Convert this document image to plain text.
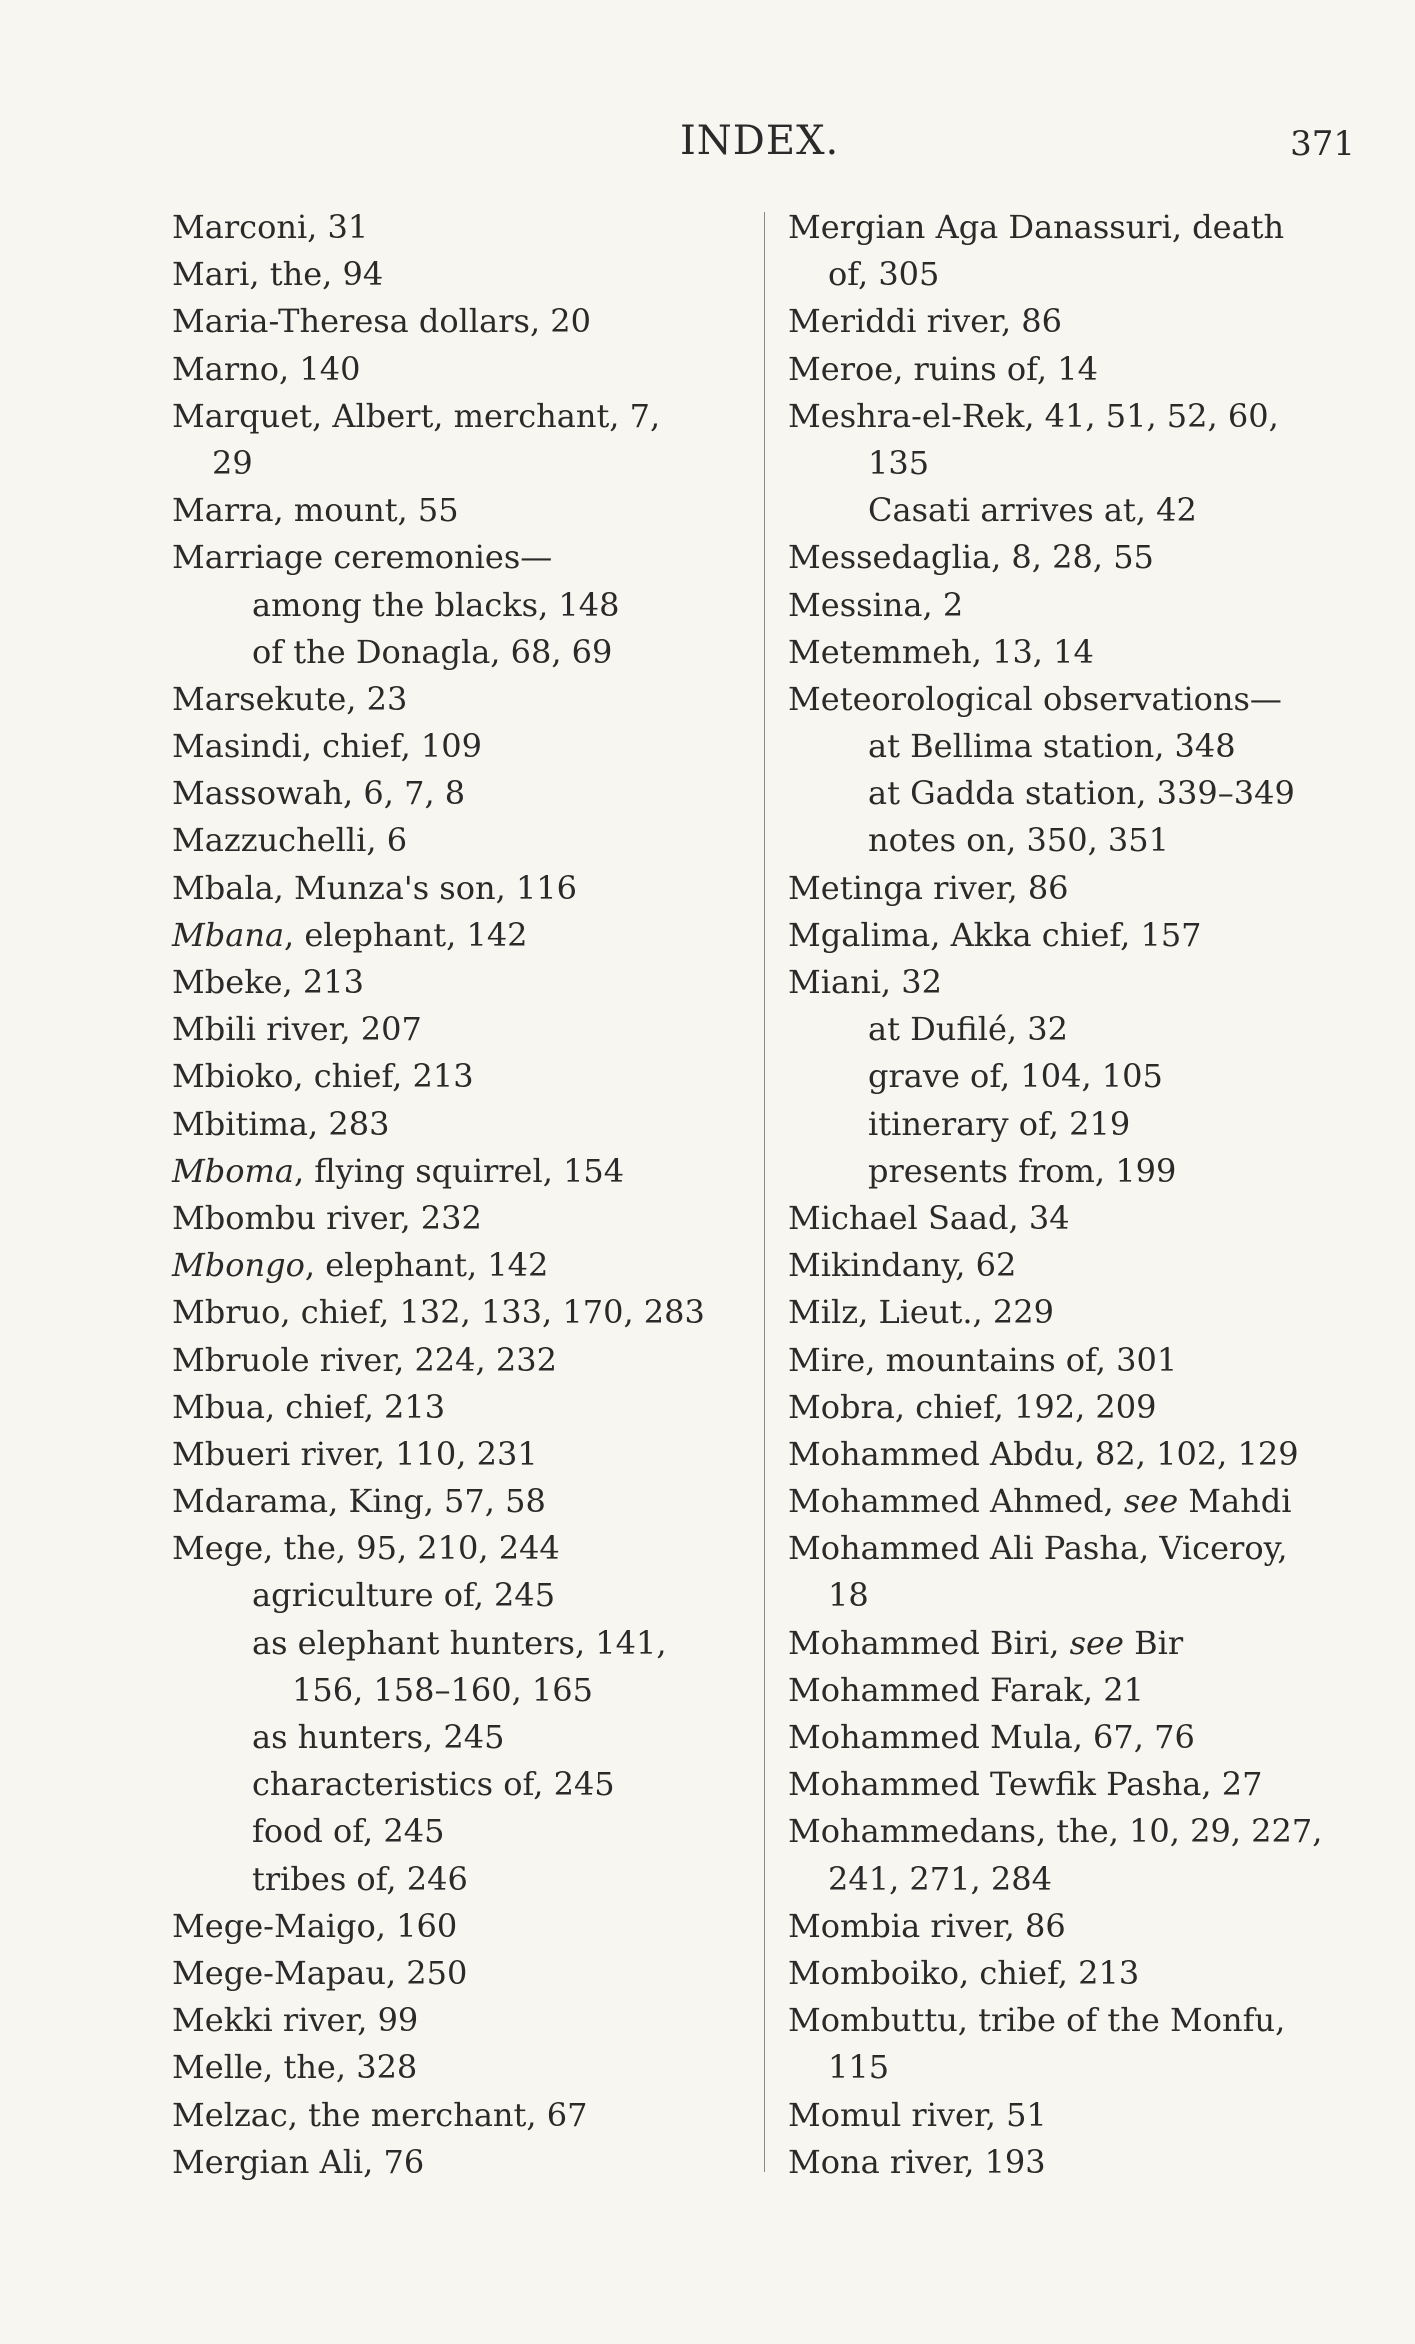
INDEX.	371
Marconi, 31
Mari, the, 94
Maria-Theresa dollars, 20
Marno, 140
Marquet, Albert, merchant, 7,
29
Marra, mount, 55
Marriage ceremonies—
among the blacks, 148
of the Donagla, 68, 69
Marsekute, 23
Masindi, chief, 109
Massowah, 6, 7, 8
Mazzuchelli, 6
Mbala, Munza's son, 116
Mbana, elephant, 142
Mbeke, 213
Mbili river, 207
Mbioko, chief, 213
Mbitima, 283
Mboma, flying squirrel, 154
Mbombu river, 232
Mbongo, elephant, 142
Mbruo, chief, 132, 133, 170, 283
Mbruole river, 224, 232
Mbua, chief, 213
Mbueri river, 110, 231
Mdarama, King, 57, 58
Mege, the, 95, 210, 244
agriculture of, 245
as elephant hunters, 141,
156, 158–160, 165
as hunters, 245
characteristics of, 245
food of, 245
tribes of, 246
Mege-Maigo, 160
Mege-Mapau, 250
Mekki river, 99
Melle, the, 328
Melzac, the merchant, 67
Mergian Ali, 76
Mergian Aga Danassuri, death
of, 305
Meriddi river, 86
Meroe, ruins of, 14
Meshra-el-Rek, 41, 51, 52, 60,
135
Casati arrives at, 42
Messedaglia, 8, 28, 55
Messina, 2
Metemmeh, 13, 14
Meteorological observations—
at Bellima station, 348
at Gadda station, 339–349
notes on, 350, 351
Metinga river, 86
Mgalima, Akka chief, 157
Miani, 32
at Dufilé, 32
grave of, 104, 105
itinerary of, 219
presents from, 199
Michael Saad, 34
Mikindany, 62
Milz, Lieut., 229
Mire, mountains of, 301
Mobra, chief, 192, 209
Mohammed Abdu, 82, 102, 129
Mohammed Ahmed, see Mahdi
Mohammed Ali Pasha, Viceroy,
18
Mohammed Biri, see Bir
Mohammed Farak, 21
Mohammed Mula, 67, 76
Mohammed Tewfik Pasha, 27
Mohammedans, the, 10, 29, 227,
241, 271, 284
Mombia river, 86
Momboiko, chief, 213
Mombuttu, tribe of the Monfu,
115
Momul river, 51
Mona river, 193
